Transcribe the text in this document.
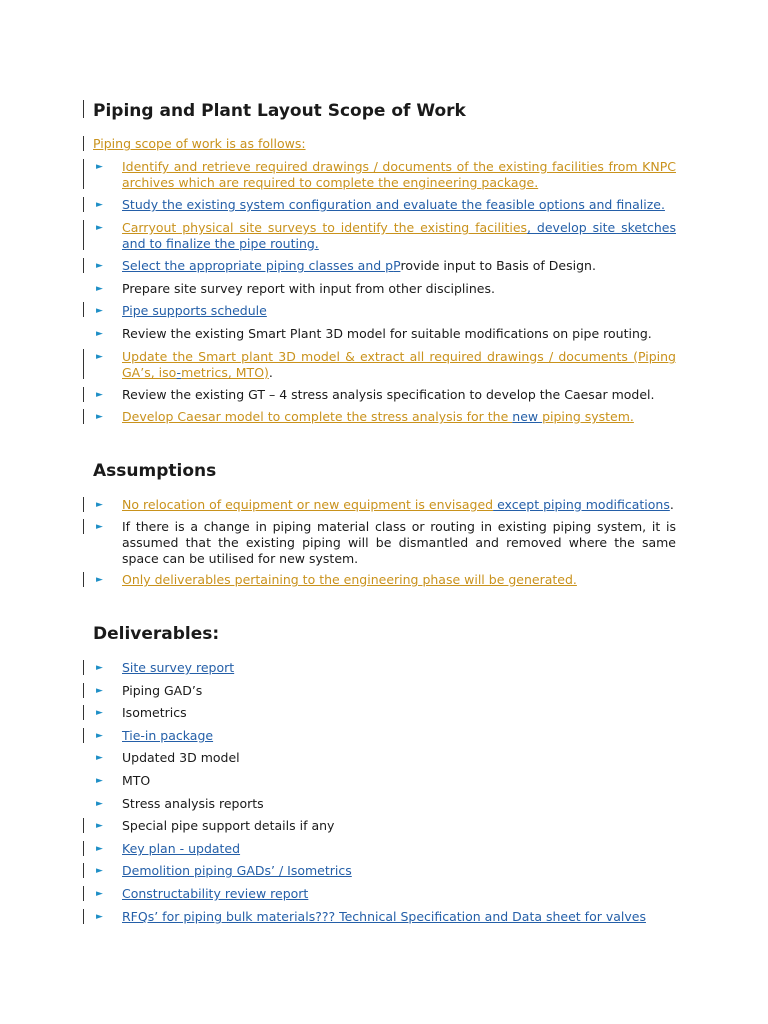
Piping and Plant Layout Scope of Work
Piping scope of work is as follows:
► Identify and retrieve required drawings / documents of the existing facilities from KNPC archives which are required to complete the engineering package.
► Study the existing system configuration and evaluate the feasible options and finalize.
► Carryout physical site surveys to identify the existing facilities, develop site sketches and to finalize the pipe routing.
► Select the appropriate piping classes and pProvide input to Basis of Design.
► Prepare site survey report with input from other disciplines.
► Pipe supports schedule
► Review the existing Smart Plant 3D model for suitable modifications on pipe routing.
► Update the Smart plant 3D model & extract all required drawings / documents (Piping GA’s, iso-metrics, MTO).
► Review the existing GT – 4 stress analysis specification to develop the Caesar model.
► Develop Caesar model to complete the stress analysis for the new piping system.
Assumptions
► No relocation of equipment or new equipment is envisaged except piping modifications.
► If there is a change in piping material class or routing in existing piping system, it is assumed that the existing piping will be dismantled and removed where the same space can be utilised for new system.
► Only deliverables pertaining to the engineering phase will be generated.
Deliverables:
► Site survey report
► Piping GAD’s
► Isometrics
► Tie-in package
► Updated 3D model
► MTO
► Stress analysis reports
► Special pipe support details if any
► Key plan - updated
► Demolition piping GADs’ / Isometrics
► Constructability review report
► RFQs’ for piping bulk materials??? Technical Specification and Data sheet for valves
